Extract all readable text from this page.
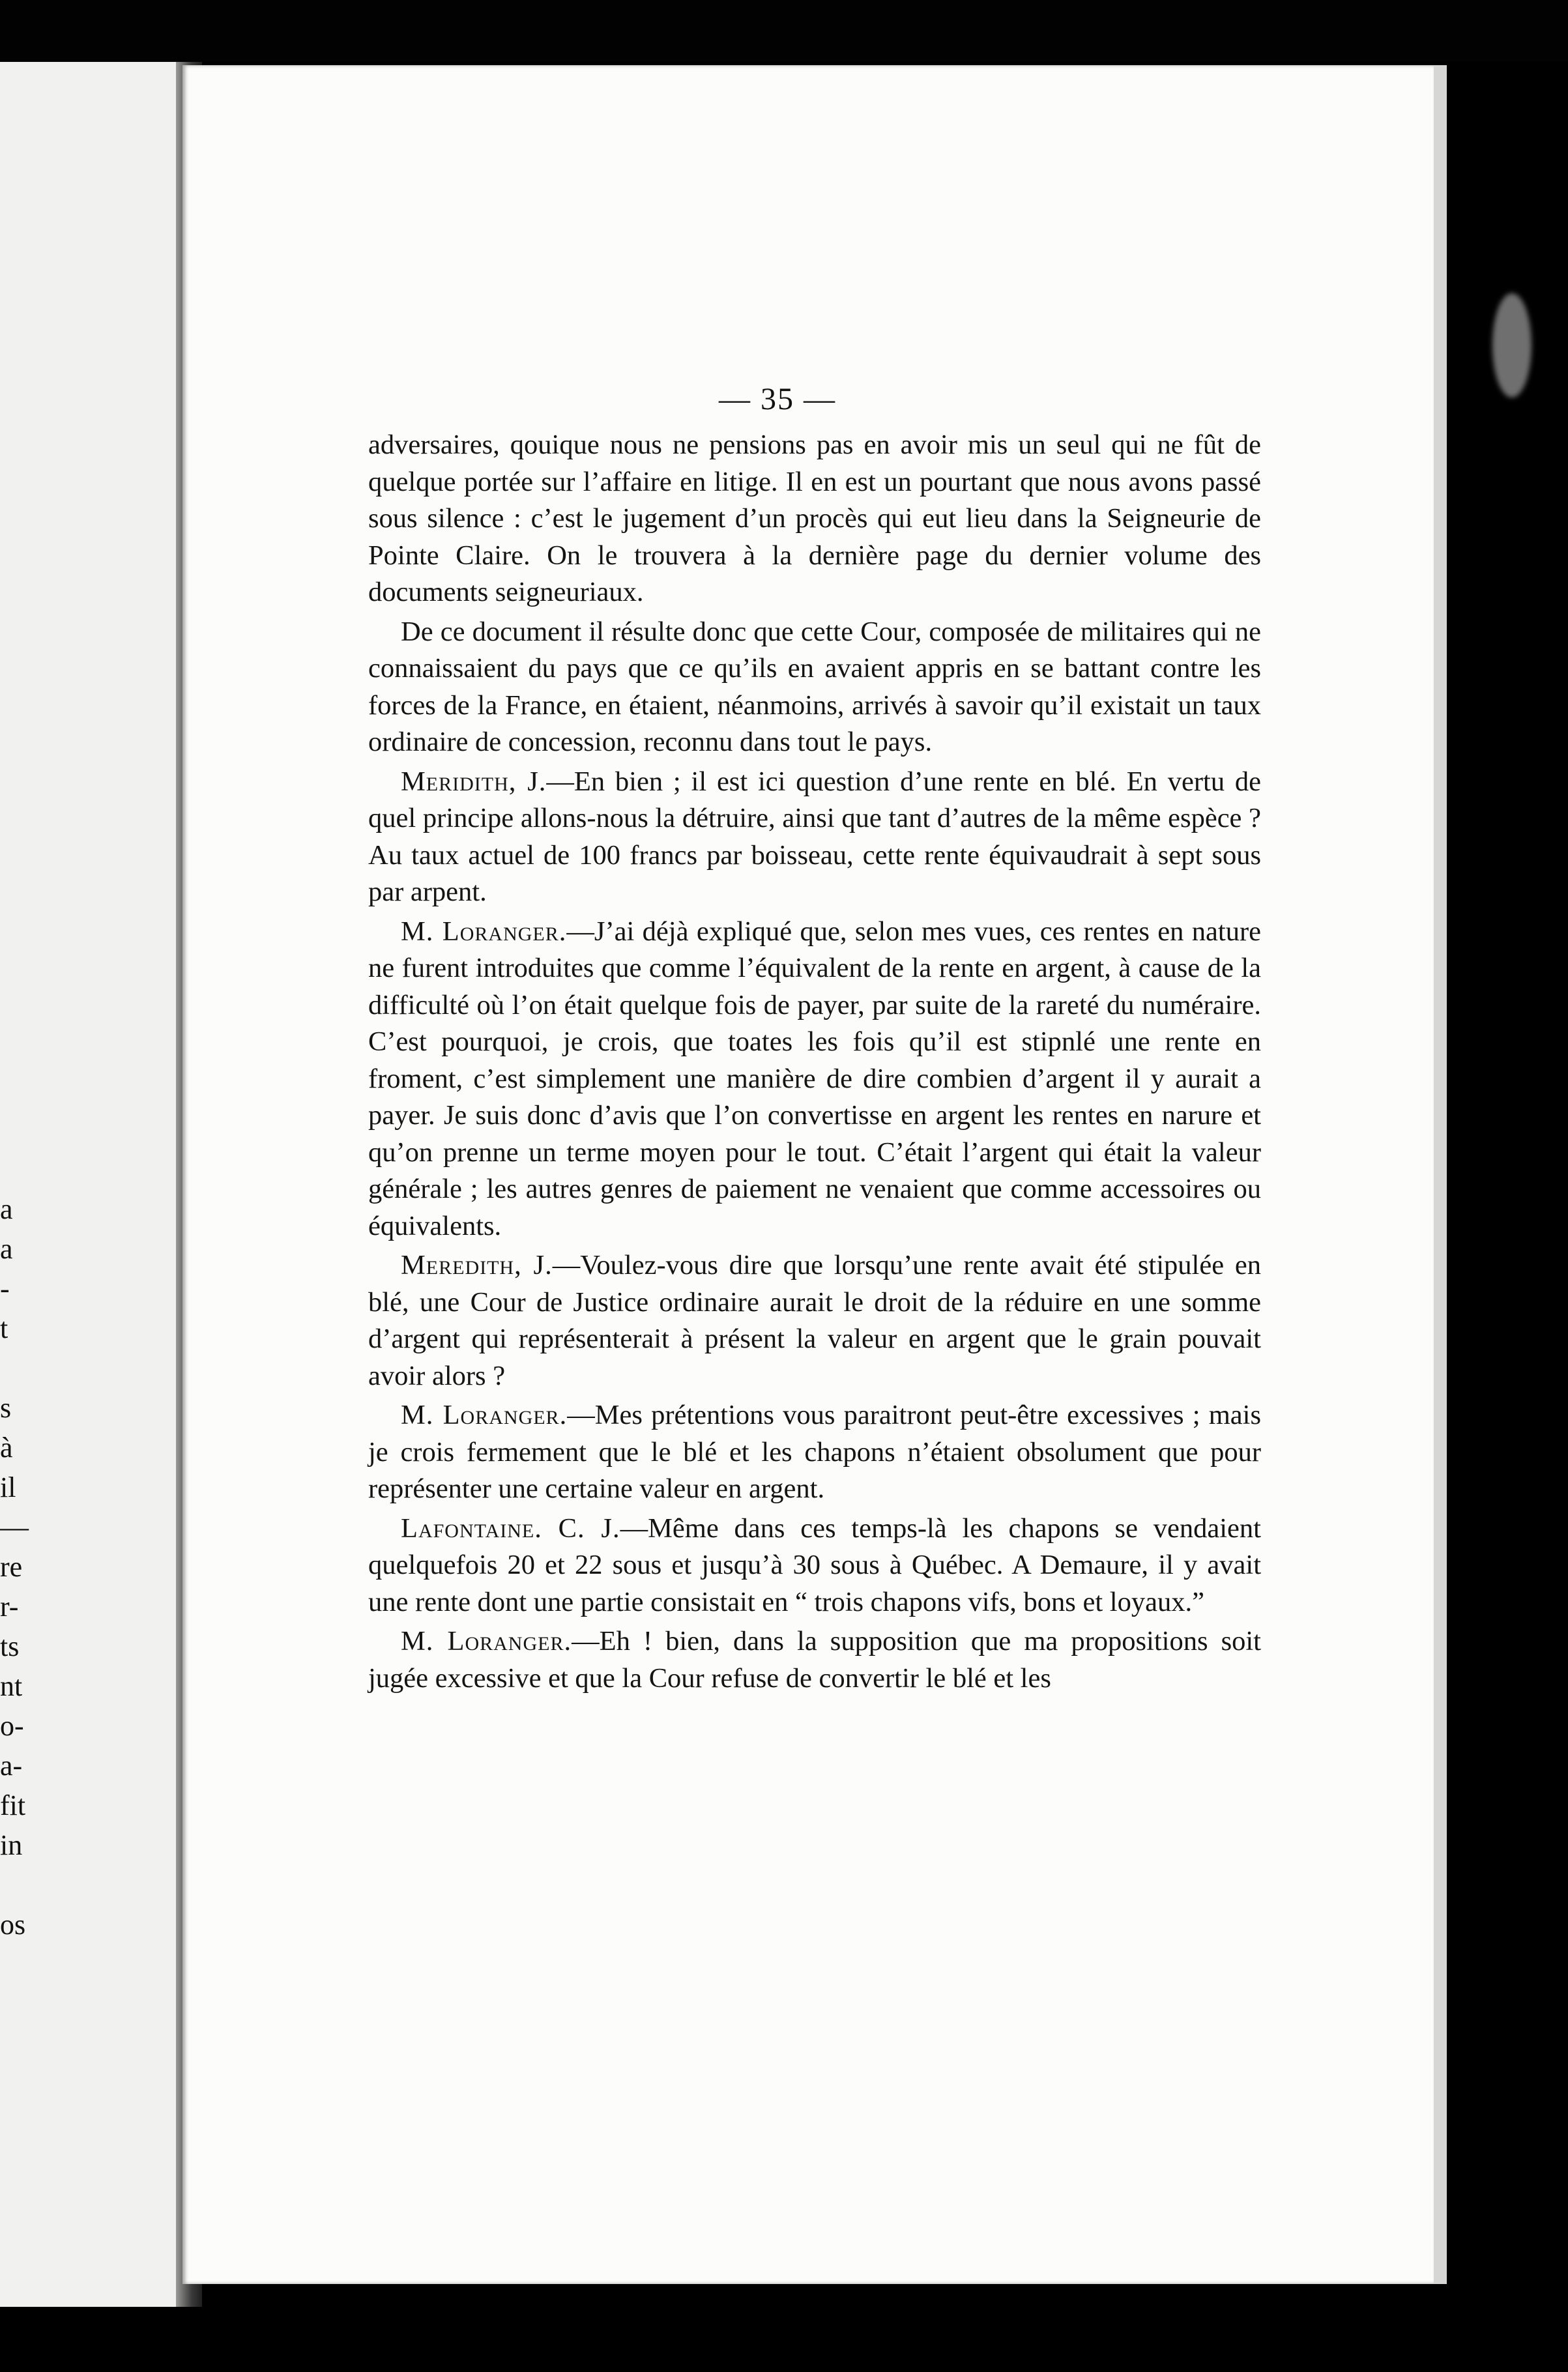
a
a
-
t
s
à
il
—
re
r-
ts
nt
o-
a-
fit
in
os
— 35 —

adversaires, qouique nous ne pensions pas en avoir mis un seul qui ne fût de quelque portée sur l’affaire en litige. Il en est un pourtant que nous avons passé sous silence : c’est le jugement d’un procès qui eut lieu dans la Seigneurie de Pointe Claire. On le trouvera à la dernière page du dernier volume des documents seigneuriaux.

De ce document il résulte donc que cette Cour, composée de militaires qui ne connaissaient du pays que ce qu’ils en avaient appris en se battant contre les forces de la France, en étaient, néanmoins, arrivés à savoir qu’il existait un taux ordinaire de concession, reconnu dans tout le pays.

Meridith, J.—En bien ; il est ici question d’une rente en blé. En vertu de quel principe allons-nous la détruire, ainsi que tant d’autres de la même espèce ? Au taux actuel de 100 francs par boisseau, cette rente équivaudrait à sept sous par arpent.

M. Loranger.—J’ai déjà expliqué que, selon mes vues, ces rentes en nature ne furent introduites que comme l’équivalent de la rente en argent, à cause de la difficulté où l’on était quelque fois de payer, par suite de la rareté du numéraire. C’est pourquoi, je crois, que toates les fois qu’il est stipnlé une rente en froment, c’est simplement une manière de dire combien d’argent il y aurait a payer. Je suis donc d’avis que l’on convertisse en argent les rentes en narure et qu’on prenne un terme moyen pour le tout. C’était l’argent qui était la valeur générale ; les autres genres de paiement ne venaient que comme accessoires ou équivalents.

Meredith, J.—Voulez-vous dire que lorsqu’une rente avait été stipulée en blé, une Cour de Justice ordinaire aurait le droit de la réduire en une somme d’argent qui représenterait à présent la valeur en argent que le grain pouvait avoir alors ?

M. Loranger.—Mes prétentions vous paraitront peut-être excessives ; mais je crois fermement que le blé et les chapons n’étaient obsolument que pour représenter une certaine valeur en argent.

Lafontaine. C. J.—Même dans ces temps-là les chapons se vendaient quelquefois 20 et 22 sous et jusqu’à 30 sous à Québec. A Demaure, il y avait une rente dont une partie consistait en “ trois chapons vifs, bons et loyaux.”

M. Loranger.—Eh ! bien, dans la supposition que ma propositions soit jugée excessive et que la Cour refuse de convertir le blé et les
